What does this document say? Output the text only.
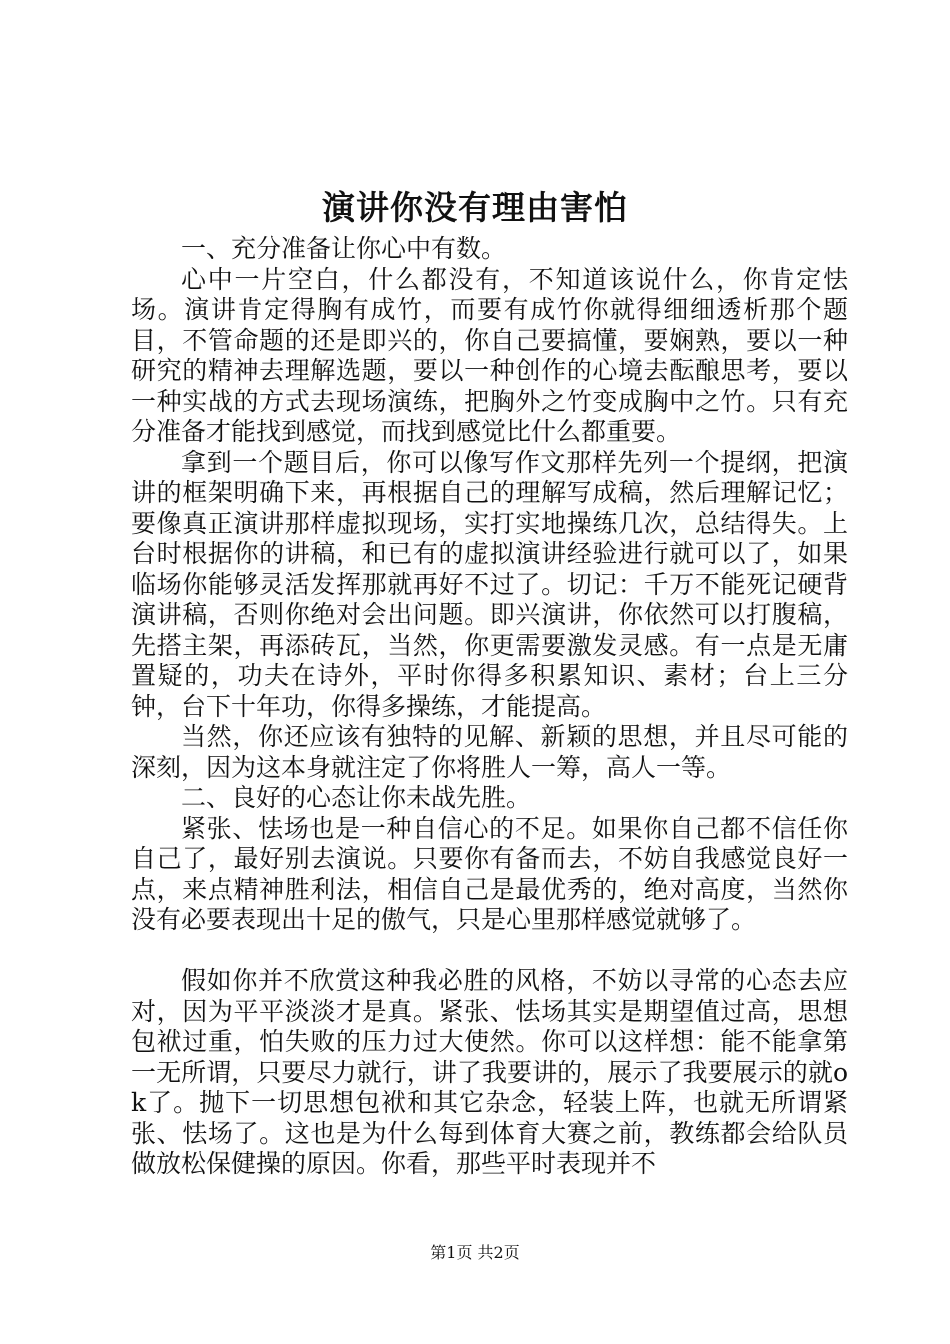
演讲你没有理由害怕

一、充分准备让你心中有数。

心中一片空白，什么都没有，不知道该说什么，你肯定怯场。演讲肯定得胸有成竹，而要有成竹你就得细细透析那个题目，不管命题的还是即兴的，你自己要搞懂，要娴熟，要以一种研究的精神去理解选题，要以一种创作的心境去酝酿思考，要以一种实战的方式去现场演练，把胸外之竹变成胸中之竹。只有充分准备才能找到感觉，而找到感觉比什么都重要。

拿到一个题目后，你可以像写作文那样先列一个提纲，把演讲的框架明确下来，再根据自己的理解写成稿，然后理解记忆；要像真正演讲那样虚拟现场，实打实地操练几次，总结得失。上台时根据你的讲稿，和已有的虚拟演讲经验进行就可以了，如果临场你能够灵活发挥那就再好不过了。切记：千万不能死记硬背演讲稿，否则你绝对会出问题。即兴演讲，你依然可以打腹稿，先搭主架，再添砖瓦，当然，你更需要激发灵感。有一点是无庸置疑的，功夫在诗外，平时你得多积累知识、素材；台上三分钟，台下十年功，你得多操练，才能提高。

当然，你还应该有独特的见解、新颖的思想，并且尽可能的深刻，因为这本身就注定了你将胜人一筹，高人一等。

二、良好的心态让你未战先胜。

紧张、怯场也是一种自信心的不足。如果你自己都不信任你自己了，最好别去演说。只要你有备而去，不妨自我感觉良好一点，来点精神胜利法，相信自己是最优秀的，绝对高度，当然你没有必要表现出十足的傲气，只是心里那样感觉就够了。

假如你并不欣赏这种我必胜的风格，不妨以寻常的心态去应对，因为平平淡淡才是真。紧张、怯场其实是期望值过高，思想包袱过重，怕失败的压力过大使然。你可以这样想：能不能拿第一无所谓，只要尽力就行，讲了我要讲的，展示了我要展示的就ok了。抛下一切思想包袱和其它杂念，轻装上阵，也就无所谓紧张、怯场了。这也是为什么每到体育大赛之前，教练都会给队员做放松保健操的原因。你看，那些平时表现并不

第1页 共2页
